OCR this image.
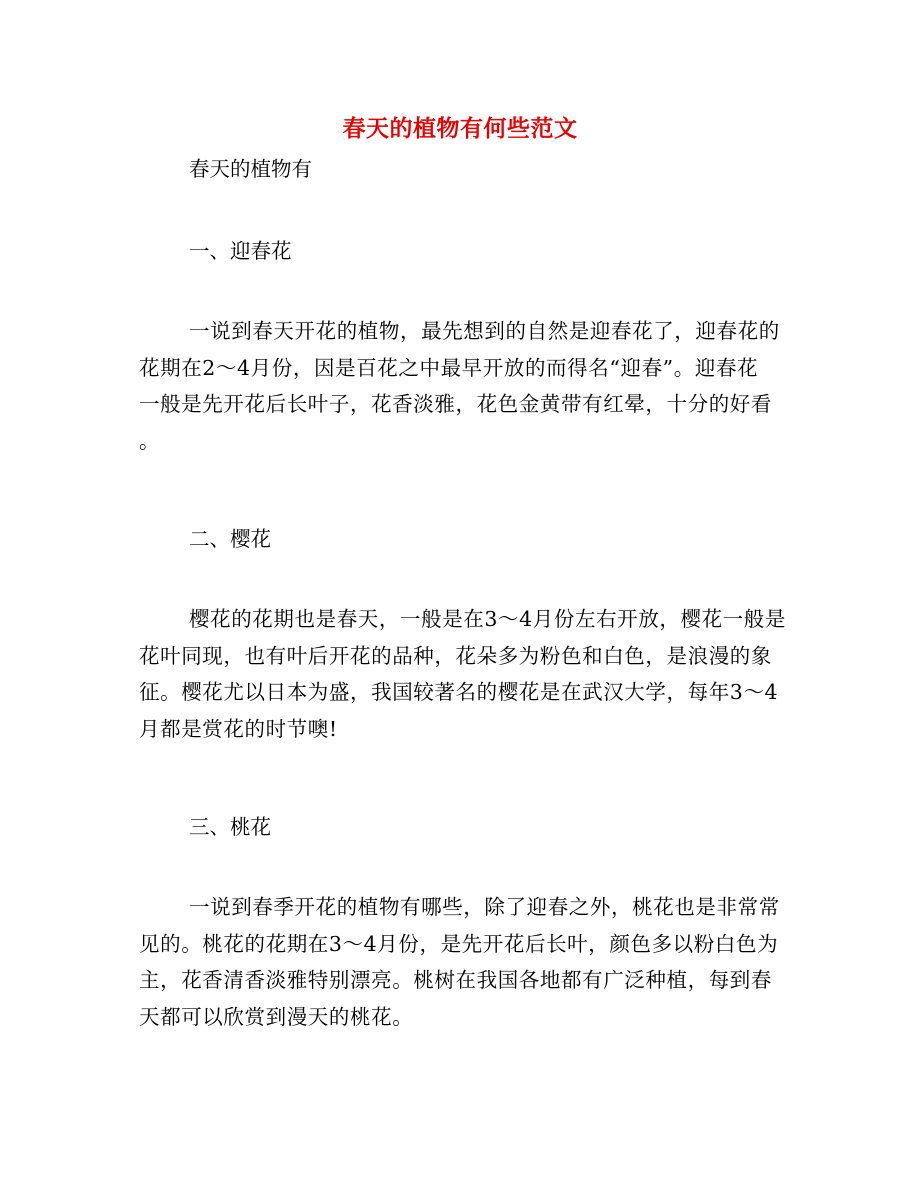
春天的植物有何些范文
春天的植物有
一、迎春花
一说到春天开花的植物，最先想到的自然是迎春花了，迎春花的
花期在2～4月份，因是百花之中最早开放的而得名“迎春”。迎春花
一般是先开花后长叶子，花香淡雅，花色金黄带有红晕，十分的好看
。
二、樱花
樱花的花期也是春天，一般是在3～4月份左右开放，樱花一般是
花叶同现，也有叶后开花的品种，花朵多为粉色和白色，是浪漫的象
征。樱花尤以日本为盛，我国较著名的樱花是在武汉大学，每年3～4
月都是赏花的时节噢!
三、桃花
一说到春季开花的植物有哪些，除了迎春之外，桃花也是非常常
见的。桃花的花期在3～4月份，是先开花后长叶，颜色多以粉白色为
主，花香清香淡雅特别漂亮。桃树在我国各地都有广泛种植，每到春
天都可以欣赏到漫天的桃花。
